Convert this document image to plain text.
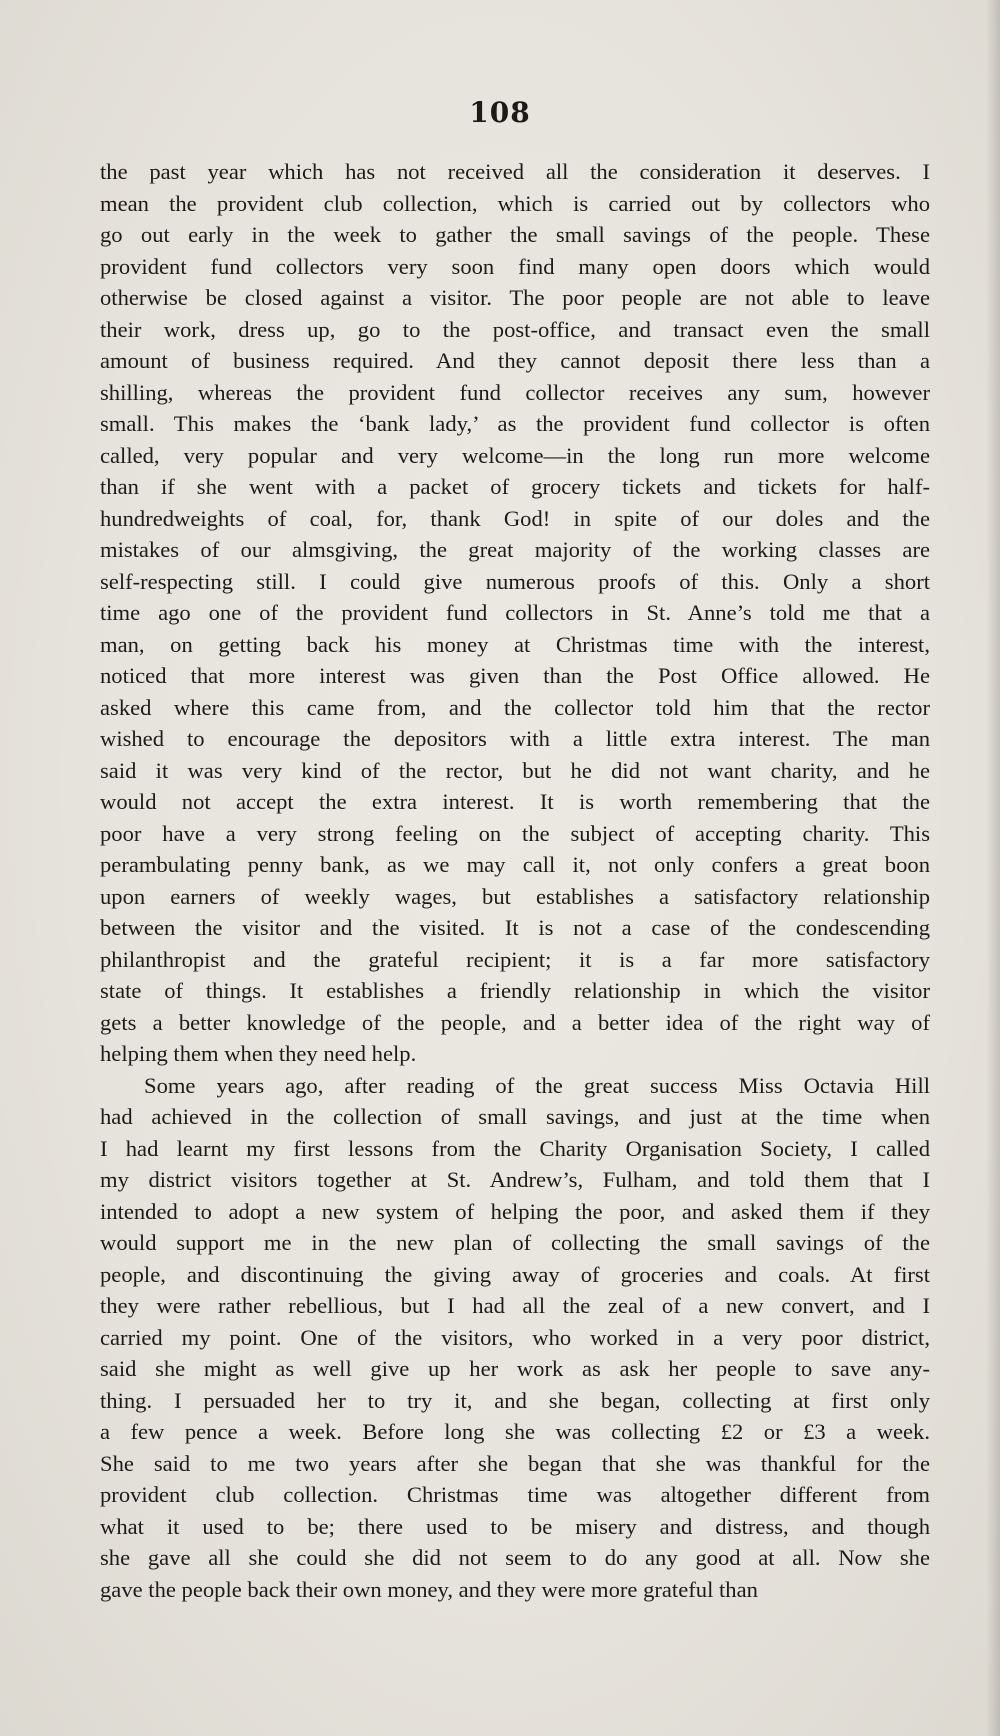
108
the past year which has not received all the consideration it deserves. I
mean the provident club collection, which is carried out by collectors who
go out early in the week to gather the small savings of the people. These
provident fund collectors very soon find many open doors which would
otherwise be closed against a visitor. The poor people are not able to leave
their work, dress up, go to the post-office, and transact even the small
amount of business required. And they cannot deposit there less than a
shilling, whereas the provident fund collector receives any sum, however
small. This makes the ‘bank lady,’ as the provident fund collector is often
called, very popular and very welcome—in the long run more welcome
than if she went with a packet of grocery tickets and tickets for half-
hundredweights of coal, for, thank God! in spite of our doles and the
mistakes of our almsgiving, the great majority of the working classes are
self-respecting still. I could give numerous proofs of this. Only a short
time ago one of the provident fund collectors in St. Anne’s told me that a
man, on getting back his money at Christmas time with the interest,
noticed that more interest was given than the Post Office allowed. He
asked where this came from, and the collector told him that the rector
wished to encourage the depositors with a little extra interest. The man
said it was very kind of the rector, but he did not want charity, and he
would not accept the extra interest. It is worth remembering that the
poor have a very strong feeling on the subject of accepting charity. This
perambulating penny bank, as we may call it, not only confers a great boon
upon earners of weekly wages, but establishes a satisfactory relationship
between the visitor and the visited. It is not a case of the condescending
philanthropist and the grateful recipient; it is a far more satisfactory
state of things. It establishes a friendly relationship in which the visitor
gets a better knowledge of the people, and a better idea of the right way of
helping them when they need help.
Some years ago, after reading of the great success Miss Octavia Hill
had achieved in the collection of small savings, and just at the time when
I had learnt my first lessons from the Charity Organisation Society, I called
my district visitors together at St. Andrew’s, Fulham, and told them that I
intended to adopt a new system of helping the poor, and asked them if they
would support me in the new plan of collecting the small savings of the
people, and discontinuing the giving away of groceries and coals. At first
they were rather rebellious, but I had all the zeal of a new convert, and I
carried my point. One of the visitors, who worked in a very poor district,
said she might as well give up her work as ask her people to save any-
thing. I persuaded her to try it, and she began, collecting at first only
a few pence a week. Before long she was collecting £2 or £3 a week.
She said to me two years after she began that she was thankful for the
provident club collection. Christmas time was altogether different from
what it used to be; there used to be misery and distress, and though
she gave all she could she did not seem to do any good at all. Now she
gave the people back their own money, and they were more grateful than
